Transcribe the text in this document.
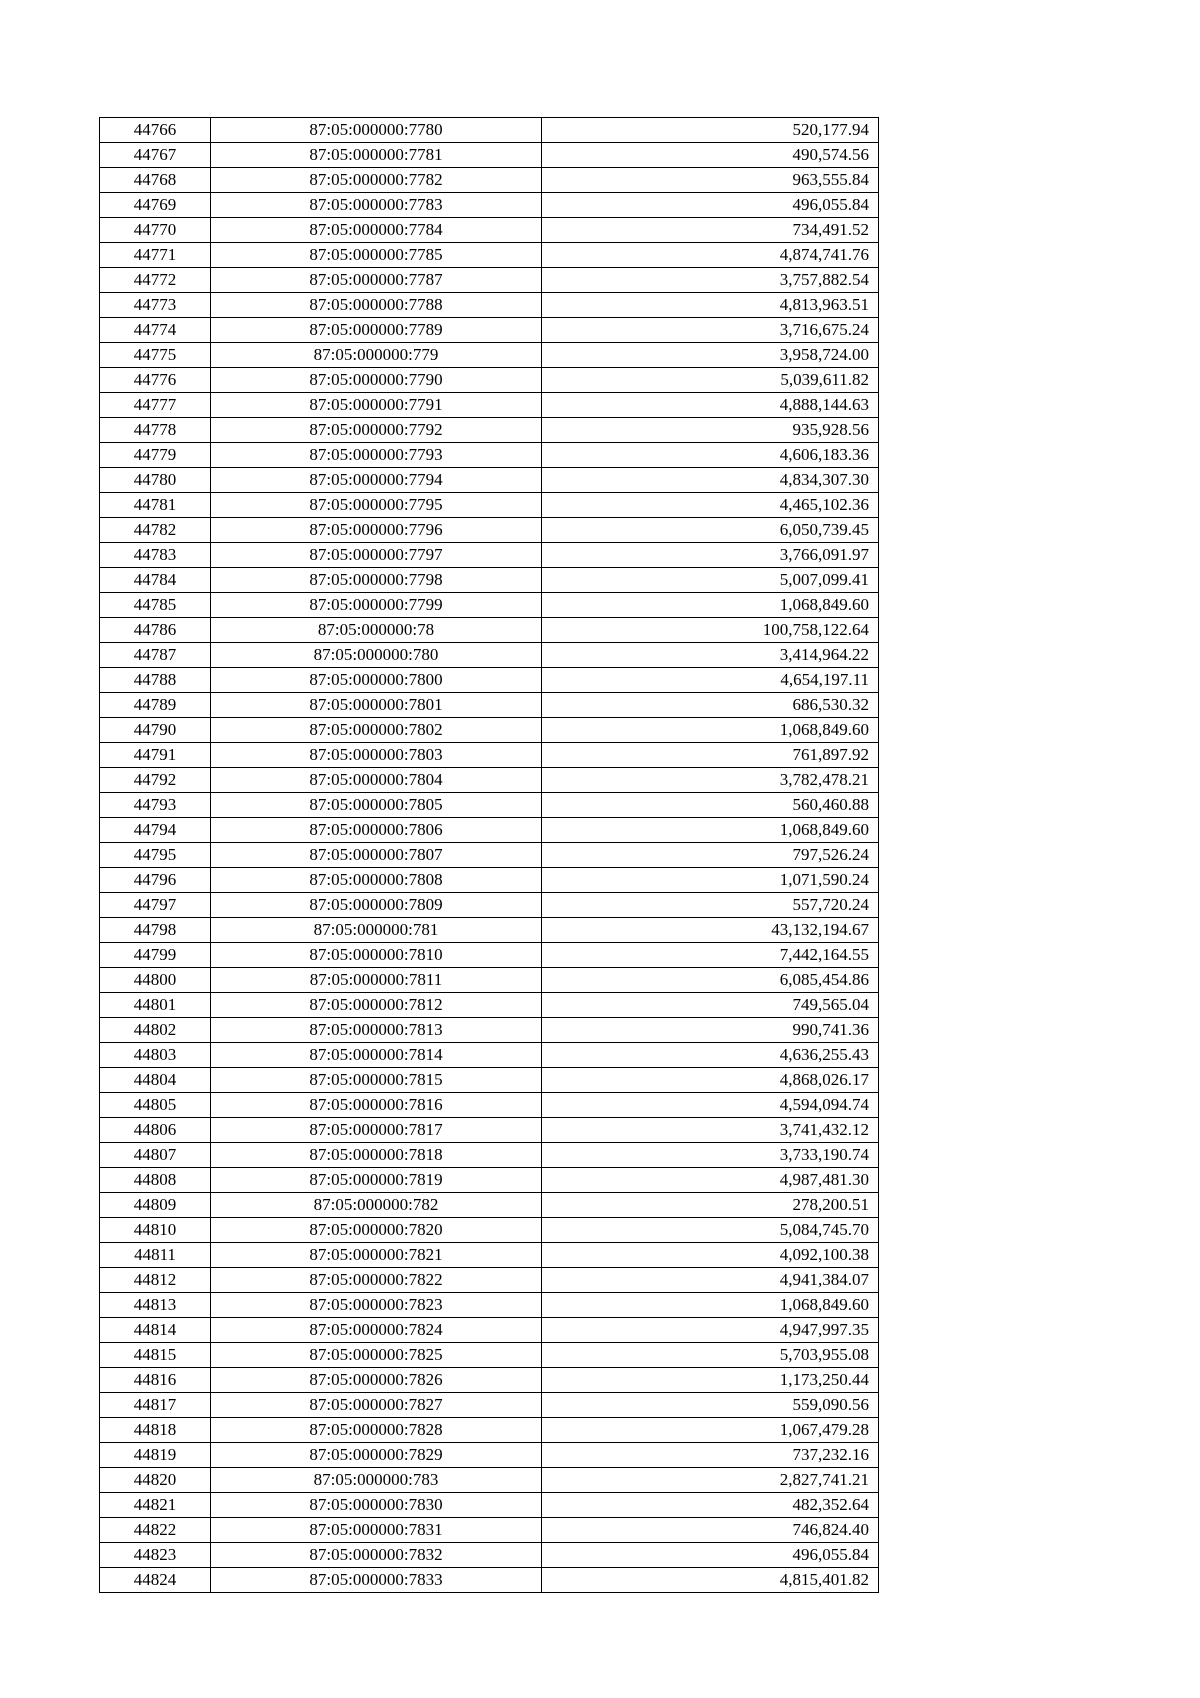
44766	87:05:000000:7780	520,177.94
44767	87:05:000000:7781	490,574.56
44768	87:05:000000:7782	963,555.84
44769	87:05:000000:7783	496,055.84
44770	87:05:000000:7784	734,491.52
44771	87:05:000000:7785	4,874,741.76
44772	87:05:000000:7787	3,757,882.54
44773	87:05:000000:7788	4,813,963.51
44774	87:05:000000:7789	3,716,675.24
44775	87:05:000000:779	3,958,724.00
44776	87:05:000000:7790	5,039,611.82
44777	87:05:000000:7791	4,888,144.63
44778	87:05:000000:7792	935,928.56
44779	87:05:000000:7793	4,606,183.36
44780	87:05:000000:7794	4,834,307.30
44781	87:05:000000:7795	4,465,102.36
44782	87:05:000000:7796	6,050,739.45
44783	87:05:000000:7797	3,766,091.97
44784	87:05:000000:7798	5,007,099.41
44785	87:05:000000:7799	1,068,849.60
44786	87:05:000000:78	100,758,122.64
44787	87:05:000000:780	3,414,964.22
44788	87:05:000000:7800	4,654,197.11
44789	87:05:000000:7801	686,530.32
44790	87:05:000000:7802	1,068,849.60
44791	87:05:000000:7803	761,897.92
44792	87:05:000000:7804	3,782,478.21
44793	87:05:000000:7805	560,460.88
44794	87:05:000000:7806	1,068,849.60
44795	87:05:000000:7807	797,526.24
44796	87:05:000000:7808	1,071,590.24
44797	87:05:000000:7809	557,720.24
44798	87:05:000000:781	43,132,194.67
44799	87:05:000000:7810	7,442,164.55
44800	87:05:000000:7811	6,085,454.86
44801	87:05:000000:7812	749,565.04
44802	87:05:000000:7813	990,741.36
44803	87:05:000000:7814	4,636,255.43
44804	87:05:000000:7815	4,868,026.17
44805	87:05:000000:7816	4,594,094.74
44806	87:05:000000:7817	3,741,432.12
44807	87:05:000000:7818	3,733,190.74
44808	87:05:000000:7819	4,987,481.30
44809	87:05:000000:782	278,200.51
44810	87:05:000000:7820	5,084,745.70
44811	87:05:000000:7821	4,092,100.38
44812	87:05:000000:7822	4,941,384.07
44813	87:05:000000:7823	1,068,849.60
44814	87:05:000000:7824	4,947,997.35
44815	87:05:000000:7825	5,703,955.08
44816	87:05:000000:7826	1,173,250.44
44817	87:05:000000:7827	559,090.56
44818	87:05:000000:7828	1,067,479.28
44819	87:05:000000:7829	737,232.16
44820	87:05:000000:783	2,827,741.21
44821	87:05:000000:7830	482,352.64
44822	87:05:000000:7831	746,824.40
44823	87:05:000000:7832	496,055.84
44824	87:05:000000:7833	4,815,401.82
